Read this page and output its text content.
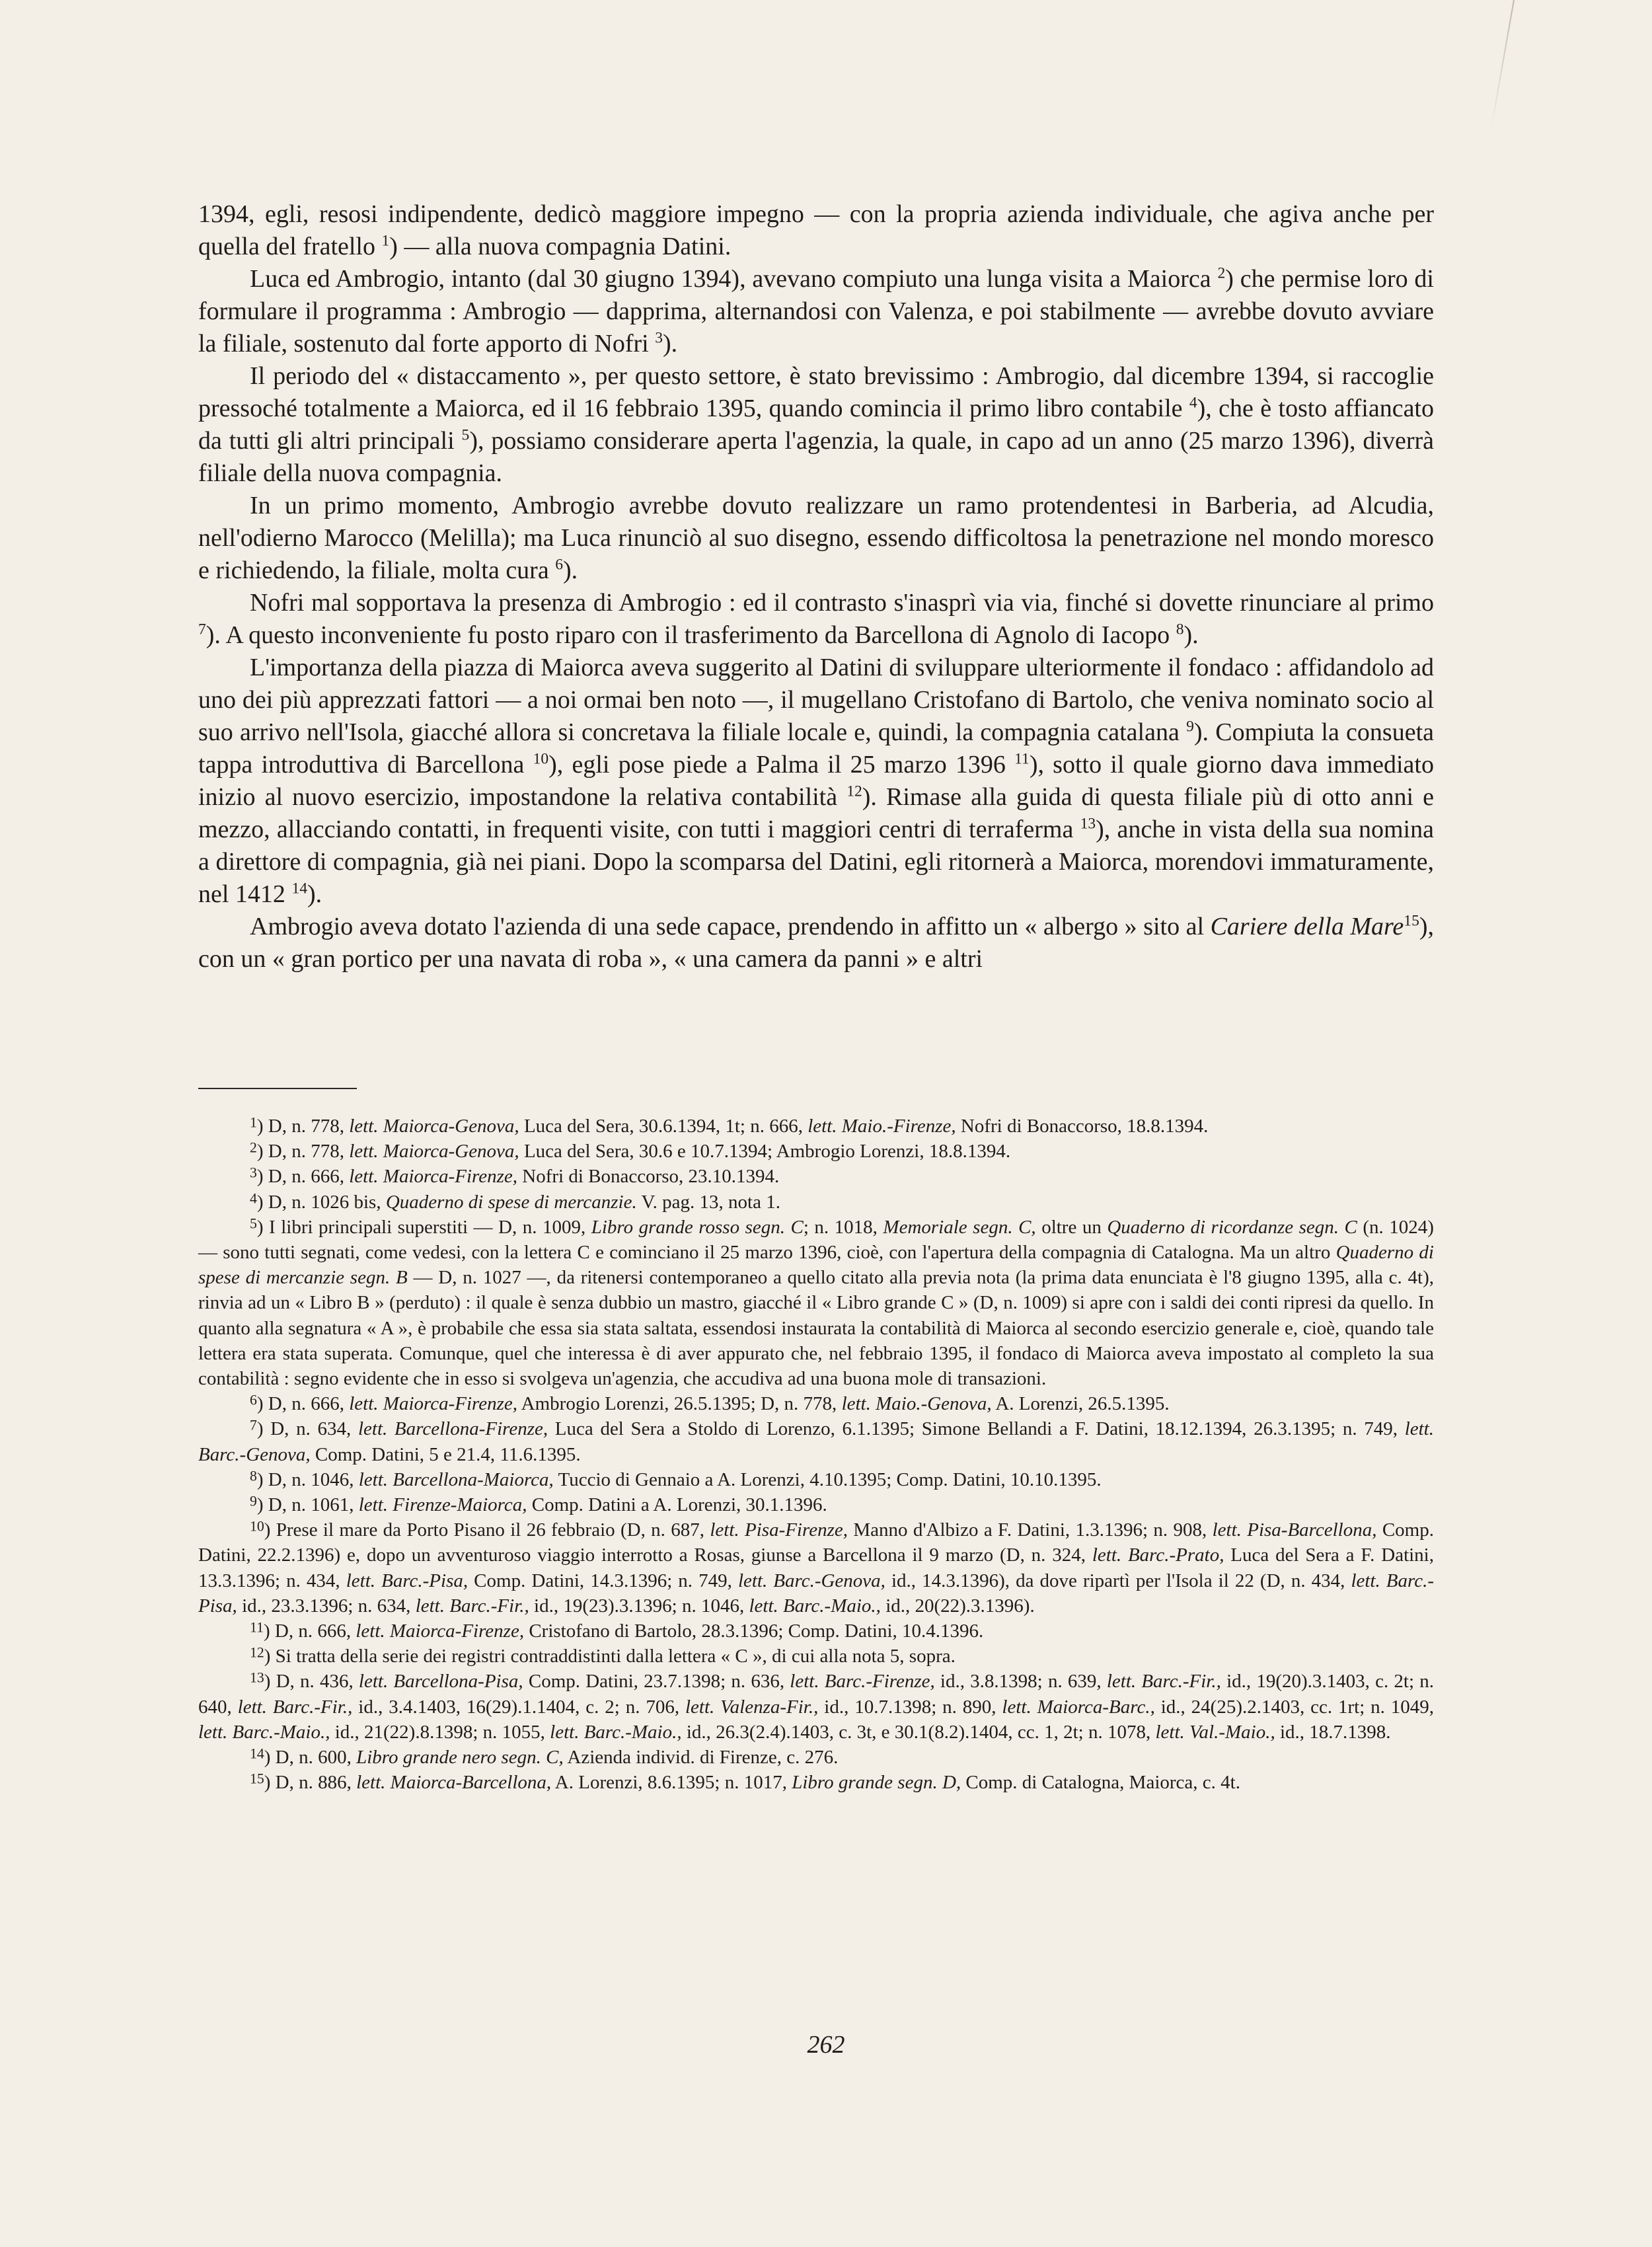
1394, egli, resosi indipendente, dedicò maggiore impegno — con la propria azienda individuale, che agiva anche per quella del fratello $^1$) — alla nuova compagnia Datini.

Luca ed Ambrogio, intanto (dal 30 giugno 1394), avevano compiuto una lunga visita a Maiorca $^2$) che permise loro di formulare il programma : Ambrogio — dapprima, alternandosi con Valenza, e poi stabilmente — avrebbe dovuto avviare la filiale, sostenuto dal forte apporto di Nofri $^3$).

Il periodo del « distaccamento », per questo settore, è stato brevissimo : Ambrogio, dal dicembre 1394, si raccoglie pressoché totalmente a Maiorca, ed il 16 febbraio 1395, quando comincia il primo libro contabile $^4$), che è tosto affiancato da tutti gli altri principali $^5$), possiamo considerare aperta l'agenzia, la quale, in capo ad un anno (25 marzo 1396), diverrà filiale della nuova compagnia.

In un primo momento, Ambrogio avrebbe dovuto realizzare un ramo protendentesi in Barberia, ad Alcudia, nell'odierno Marocco (Melilla); ma Luca rinunciò al suo disegno, essendo difficoltosa la penetrazione nel mondo moresco e richiedendo, la filiale, molta cura $^6$).

Nofri mal sopportava la presenza di Ambrogio : ed il contrasto s'inasprì via via, finché si dovette rinunciare al primo $^7$). A questo inconveniente fu posto riparo con il trasferimento da Barcellona di Agnolo di Iacopo $^8$).

L'importanza della piazza di Maiorca aveva suggerito al Datini di sviluppare ulteriormente il fondaco : affidandolo ad uno dei più apprezzati fattori — a noi ormai ben noto —, il mugellano Cristofano di Bartolo, che veniva nominato socio al suo arrivo nell'Isola, giacché allora si concretava la filiale locale e, quindi, la compagnia catalana $^9$). Compiuta la consueta tappa introduttiva di Barcellona $^{10}$), egli pose piede a Palma il 25 marzo 1396 $^{11}$), sotto il quale giorno dava immediato inizio al nuovo esercizio, impostandone la relativa contabilità $^{12}$). Rimase alla guida di questa filiale più di otto anni e mezzo, allacciando contatti, in frequenti visite, con tutti i maggiori centri di terraferma $^{13}$), anche in vista della sua nomina a direttore di compagnia, già nei piani. Dopo la scomparsa del Datini, egli ritornerà a Maiorca, morendovi immaturamente, nel 1412 $^{14}$).

Ambrogio aveva dotato l'azienda di una sede capace, prendendo in affitto un « albergo » sito al Cariere della Mare$^{15}$), con un « gran portico per una navata di roba », « una camera da panni » e altri

$^1$) D, n. 778, lett. Maiorca-Genova, Luca del Sera, 30.6.1394, 1t; n. 666, lett. Maio.-Firenze, Nofri di Bonaccorso, 18.8.1394.

$^2$) D, n. 778, lett. Maiorca-Genova, Luca del Sera, 30.6 e 10.7.1394; Ambrogio Lorenzi, 18.8.1394.

$^3$) D, n. 666, lett. Maiorca-Firenze, Nofri di Bonaccorso, 23.10.1394.

$^4$) D, n. 1026 bis, Quaderno di spese di mercanzie. V. pag. 13, nota 1.

$^5$) I libri principali superstiti — D, n. 1009, Libro grande rosso segn. C; n. 1018, Memoriale segn. C, oltre un Quaderno di ricordanze segn. C (n. 1024) — sono tutti segnati, come vedesi, con la lettera C e cominciano il 25 marzo 1396, cioè, con l'apertura della compagnia di Catalogna. Ma un altro Quaderno di spese di mercanzie segn. B — D, n. 1027 —, da ritenersi contemporaneo a quello citato alla previa nota (la prima data enunciata è l'8 giugno 1395, alla c. 4t), rinvia ad un « Libro B » (perduto) : il quale è senza dubbio un mastro, giacché il « Libro grande C » (D, n. 1009) si apre con i saldi dei conti ripresi da quello. In quanto alla segnatura « A », è probabile che essa sia stata saltata, essendosi instaurata la contabilità di Maiorca al secondo esercizio generale e, cioè, quando tale lettera era stata superata. Comunque, quel che interessa è di aver appurato che, nel febbraio 1395, il fondaco di Maiorca aveva impostato al completo la sua contabilità : segno evidente che in esso si svolgeva un'agenzia, che accudiva ad una buona mole di transazioni.

$^6$) D, n. 666, lett. Maiorca-Firenze, Ambrogio Lorenzi, 26.5.1395; D, n. 778, lett. Maio.-Genova, A. Lorenzi, 26.5.1395.

$^7$) D, n. 634, lett. Barcellona-Firenze, Luca del Sera a Stoldo di Lorenzo, 6.1.1395; Simone Bellandi a F. Datini, 18.12.1394, 26.3.1395; n. 749, lett. Barc.-Genova, Comp. Datini, 5 e 21.4, 11.6.1395.

$^8$) D, n. 1046, lett. Barcellona-Maiorca, Tuccio di Gennaio a A. Lorenzi, 4.10.1395; Comp. Datini, 10.10.1395.

$^9$) D, n. 1061, lett. Firenze-Maiorca, Comp. Datini a A. Lorenzi, 30.1.1396.

$^{10}$) Prese il mare da Porto Pisano il 26 febbraio (D, n. 687, lett. Pisa-Firenze, Manno d'Albizo a F. Datini, 1.3.1396; n. 908, lett. Pisa-Barcellona, Comp. Datini, 22.2.1396) e, dopo un avventuroso viaggio interrotto a Rosas, giunse a Barcellona il 9 marzo (D, n. 324, lett. Barc.-Prato, Luca del Sera a F. Datini, 13.3.1396; n. 434, lett. Barc.-Pisa, Comp. Datini, 14.3.1396; n. 749, lett. Barc.-Genova, id., 14.3.1396), da dove ripartì per l'Isola il 22 (D, n. 434, lett. Barc.-Pisa, id., 23.3.1396; n. 634, lett. Barc.-Fir., id., 19(23).3.1396; n. 1046, lett. Barc.-Maio., id., 20(22).3.1396).

$^{11}$) D, n. 666, lett. Maiorca-Firenze, Cristofano di Bartolo, 28.3.1396; Comp. Datini, 10.4.1396.

$^{12}$) Si tratta della serie dei registri contraddistinti dalla lettera « C », di cui alla nota 5, sopra.

$^{13}$) D, n. 436, lett. Barcellona-Pisa, Comp. Datini, 23.7.1398; n. 636, lett. Barc.-Firenze, id., 3.8.1398; n. 639, lett. Barc.-Fir., id., 19(20).3.1403, c. 2t; n. 640, lett. Barc.-Fir., id., 3.4.1403, 16(29).1.1404, c. 2; n. 706, lett. Valenza-Fir., id., 10.7.1398; n. 890, lett. Maiorca-Barc., id., 24(25).2.1403, cc. 1rt; n. 1049, lett. Barc.-Maio., id., 21(22).8.1398; n. 1055, lett. Barc.-Maio., id., 26.3(2.4).1403, c. 3t, e 30.1(8.2).1404, cc. 1, 2t; n. 1078, lett. Val.-Maio., id., 18.7.1398.

$^{14}$) D, n. 600, Libro grande nero segn. C, Azienda individ. di Firenze, c. 276.

$^{15}$) D, n. 886, lett. Maiorca-Barcellona, A. Lorenzi, 8.6.1395; n. 1017, Libro grande segn. D, Comp. di Catalogna, Maiorca, c. 4t.

262
